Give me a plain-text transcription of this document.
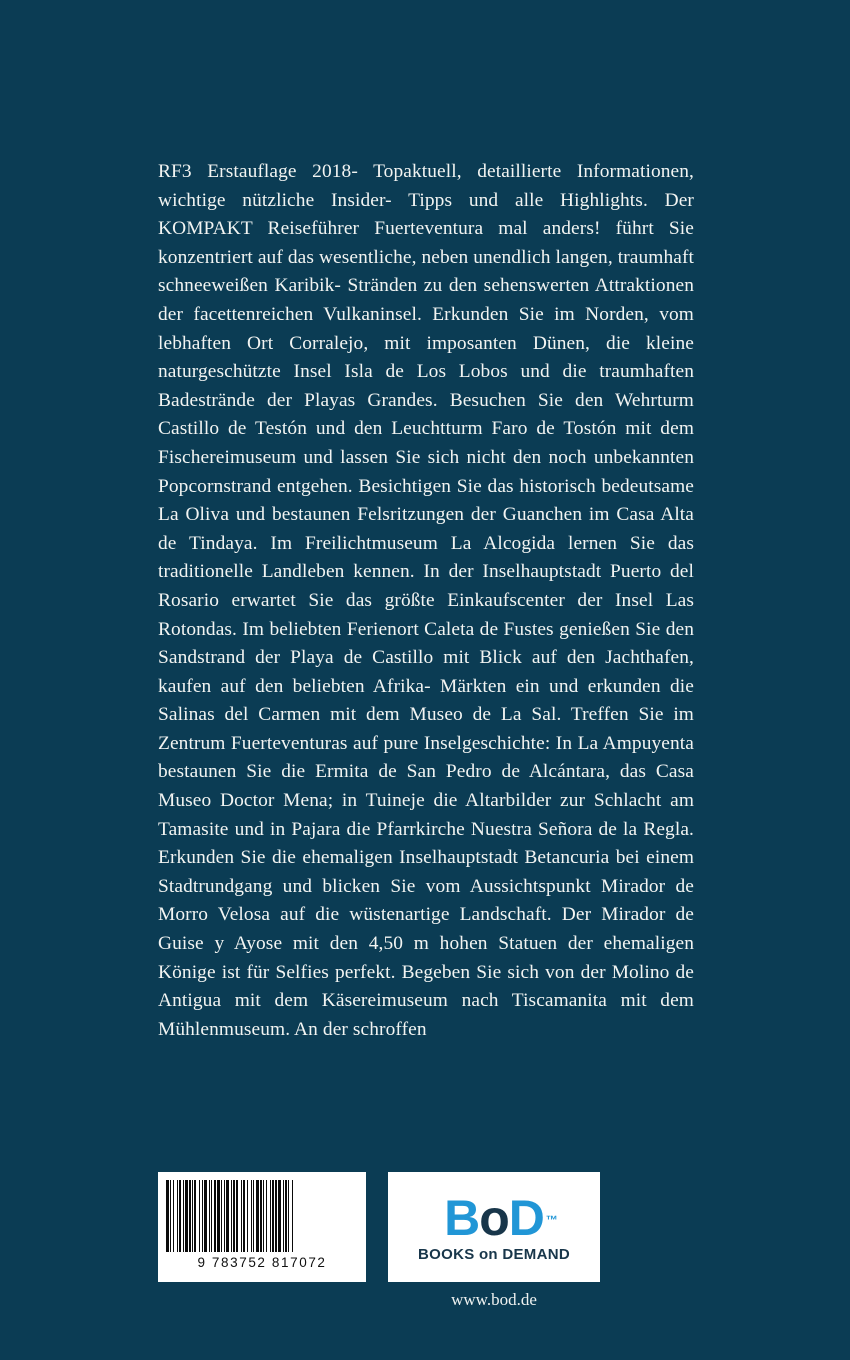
RF3 Erstauflage 2018- Topaktuell, detaillierte Informationen, wichtige nützliche Insider- Tipps und alle Highlights. Der KOMPAKT Reiseführer Fuerteventura mal anders! führt Sie konzentriert auf das wesentliche, neben unendlich langen, traumhaft schneeweißen Karibik- Stränden zu den sehenswerten Attraktionen der facettenreichen Vulkaninsel. Erkunden Sie im Norden, vom lebhaften Ort Corralejo, mit imposanten Dünen, die kleine naturgeschützte Insel Isla de Los Lobos und die traumhaften Badestrände der Playas Grandes. Besuchen Sie den Wehrturm Castillo de Testón und den Leuchtturm Faro de Tostón mit dem Fischereimuseum und lassen Sie sich nicht den noch unbekannten Popcornstrand entgehen. Besichtigen Sie das historisch bedeutsame La Oliva und bestaunen Felsritzungen der Guanchen im Casa Alta de Tindaya. Im Freilichtmuseum La Alcogida lernen Sie das traditionelle Landleben kennen. In der Inselhauptstadt Puerto del Rosario erwartet Sie das größte Einkaufscenter der Insel Las Rotondas. Im beliebten Ferienort Caleta de Fustes genießen Sie den Sandstrand der Playa de Castillo mit Blick auf den Jachthafen, kaufen auf den beliebten Afrika- Märkten ein und erkunden die Salinas del Carmen mit dem Museo de La Sal. Treffen Sie im Zentrum Fuerteventuras auf pure Inselgeschichte: In La Ampuyenta bestaunen Sie die Ermita de San Pedro de Alcántara, das Casa Museo Doctor Mena; in Tuineje die Altarbilder zur Schlacht am Tamasite und in Pajara die Pfarrkirche Nuestra Señora de la Regla. Erkunden Sie die ehemaligen Inselhauptstadt Betancuria bei einem Stadtrundgang und blicken Sie vom Aussichtspunkt Mirador de Morro Velosa auf die wüstenartige Landschaft. Der Mirador de Guise y Ayose mit den 4,50 m hohen Statuen der ehemaligen Könige ist für Selfies perfekt. Begeben Sie sich von der Molino de Antigua mit dem Käsereimuseum nach Tiscamanita mit dem Mühlenmuseum. An der schroffen

9 783752 817072
BoD ™
BOOKS on DEMAND
www.bod.de
